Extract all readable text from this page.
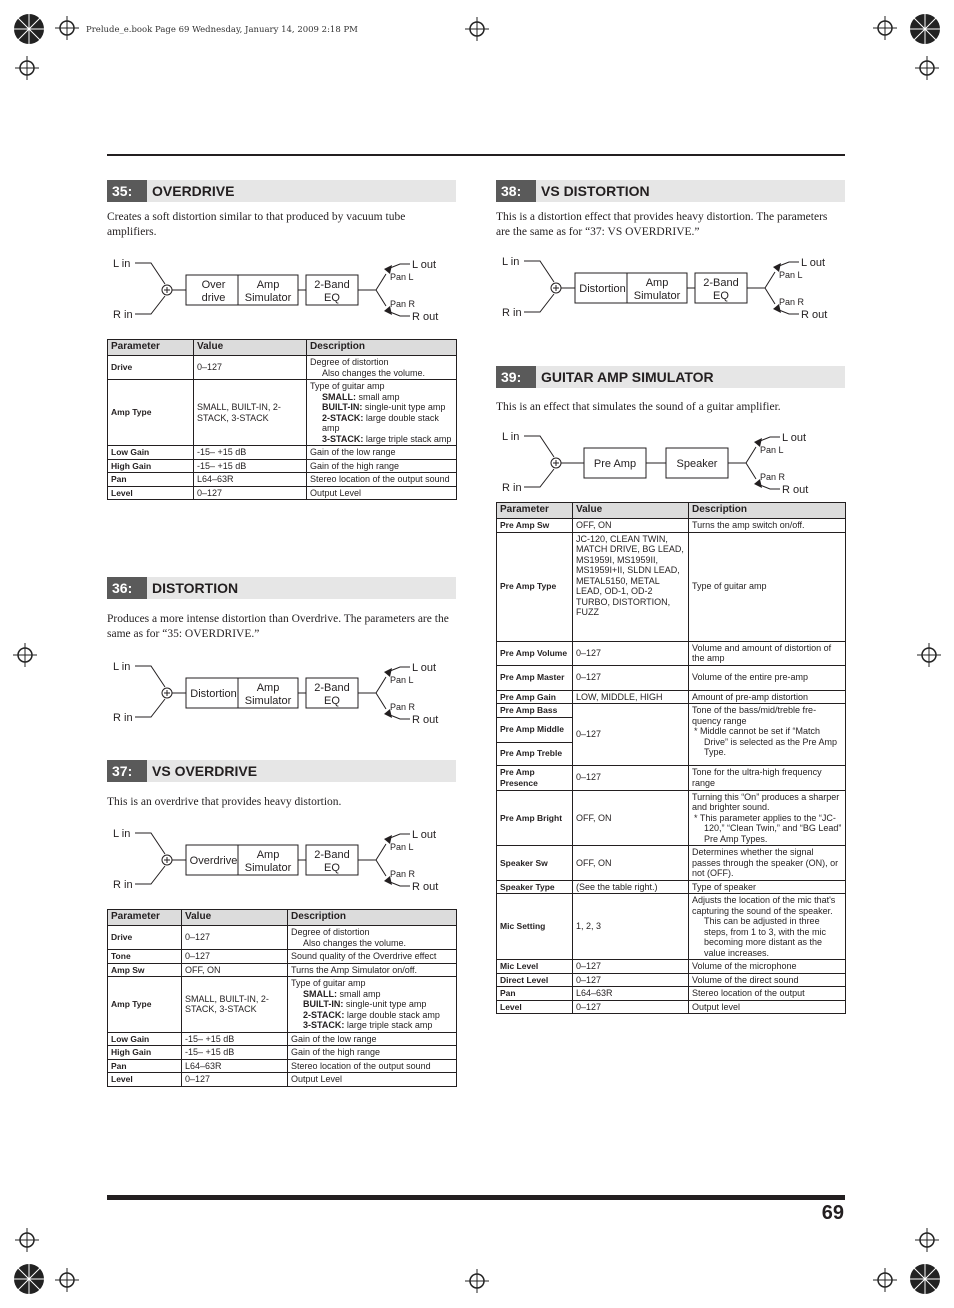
Prelude_e.book Page 69 Wednesday, January 14, 2009 2:18 PM
35:	OVERDRIVE
Creates a soft distortion similar to that produced by vacuum tube amplifiers.
L in
R in
Over drive
Amp Simulator
2-Band EQ
Pan L
Pan R
L out
R out
Parameter	Value	Description
Drive	0–127	Degree of distortion
Also changes the volume.

Amp Type	SMALL, BUILT-IN, 2-STACK, 3-STACK	Type of guitar amp
SMALL: small amp
BUILT-IN: single-unit type amp
2-STACK: large double stack amp
3-STACK: large triple stack amp

Low Gain	-15– +15 dB	Gain of the low range

High Gain	-15– +15 dB	Gain of the high range

Pan	L64–63R	Stereo location of the output sound

Level	0–127	Output Level
36:	DISTORTION
Produces a more intense distortion than Overdrive. The parameters are the same as for “35: OVERDRIVE.”
L in
R in
Distortion	Amp Simulator
2-Band EQ
Pan L
Pan R
L out
R out
37:	VS OVERDRIVE
This is an overdrive that provides heavy distortion.
L in
R in
Overdrive	Amp Simulator
2-Band EQ
Pan L
Pan R
L out
R out
Parameter	Value	Description
Drive	0–127	Degree of distortion
Also changes the volume.

Tone	0–127	Sound quality of the Overdrive effect

Amp Sw	OFF, ON	Turns the Amp Simulator on/off.

Amp Type	SMALL, BUILT-IN, 2-STACK, 3-STACK	Type of guitar amp
SMALL: small amp
BUILT-IN: single-unit type amp
2-STACK: large double stack amp
3-STACK: large triple stack amp

Low Gain	-15– +15 dB	Gain of the low range

High Gain	-15– +15 dB	Gain of the high range

Pan	L64–63R	Stereo location of the output sound

Level	0–127	Output Level
38:	VS DISTORTION
This is a distortion effect that provides heavy distortion. The parameters are the same as for “37: VS OVERDRIVE.”
L in
R in
Distortion	Amp Simulator
2-Band EQ
Pan L
Pan R
L out
R out
39:	GUITAR AMP SIMULATOR
This is an effect that simulates the sound of a guitar amplifier.
L in
R in
Pre Amp	Speaker
Pan L
Pan R
L out
R out
Parameter	Value	Description
Pre Amp Sw	OFF, ON	Turns the amp switch on/off.
Pre Amp Type	JC-120, CLEAN TWIN, MATCH DRIVE, BG LEAD, MS1959I, MS1959II, MS1959I+II, SLDN LEAD, METAL5150, METAL LEAD, OD-1, OD-2 TURBO, DISTORTION, FUZZ	Type of guitar amp
Pre Amp Volume	0–127	Volume and amount of distortion of the amp
Pre Amp Master	0–127	Volume of the entire pre-amp
Pre Amp Gain	LOW, MIDDLE, HIGH	Amount of pre-amp distortion
Pre Amp Bass	0–127	Tone of the bass/mid/treble fre-quency range
* Middle cannot be set if “Match Drive” is selected as the Pre Amp Type.

Pre Amp Middle		
Pre Amp Treble		
Pre Amp Presence	0–127	Tone for the ultra-high frequency range
Pre Amp Bright	OFF, ON	Turning this “On” produces a sharper and brighter sound.
* This parameter applies to the “JC-120,” “Clean Twin,” and “BG Lead” Pre Amp Types.

Speaker Sw	OFF, ON	Determines whether the signal passes through the speaker (ON), or not (OFF).
Speaker Type	(See the table right.)	Type of speaker
Mic Setting	1, 2, 3	Adjusts the location of the mic that's capturing the sound of the speaker.
This can be adjusted in three steps, from 1 to 3, with the mic becoming more distant as the value increases.

Mic Level	0–127	Volume of the microphone
Direct Level	0–127	Volume of the direct sound
Pan	L64–63R	Stereo location of the output
Level	0–127	Output level
69
